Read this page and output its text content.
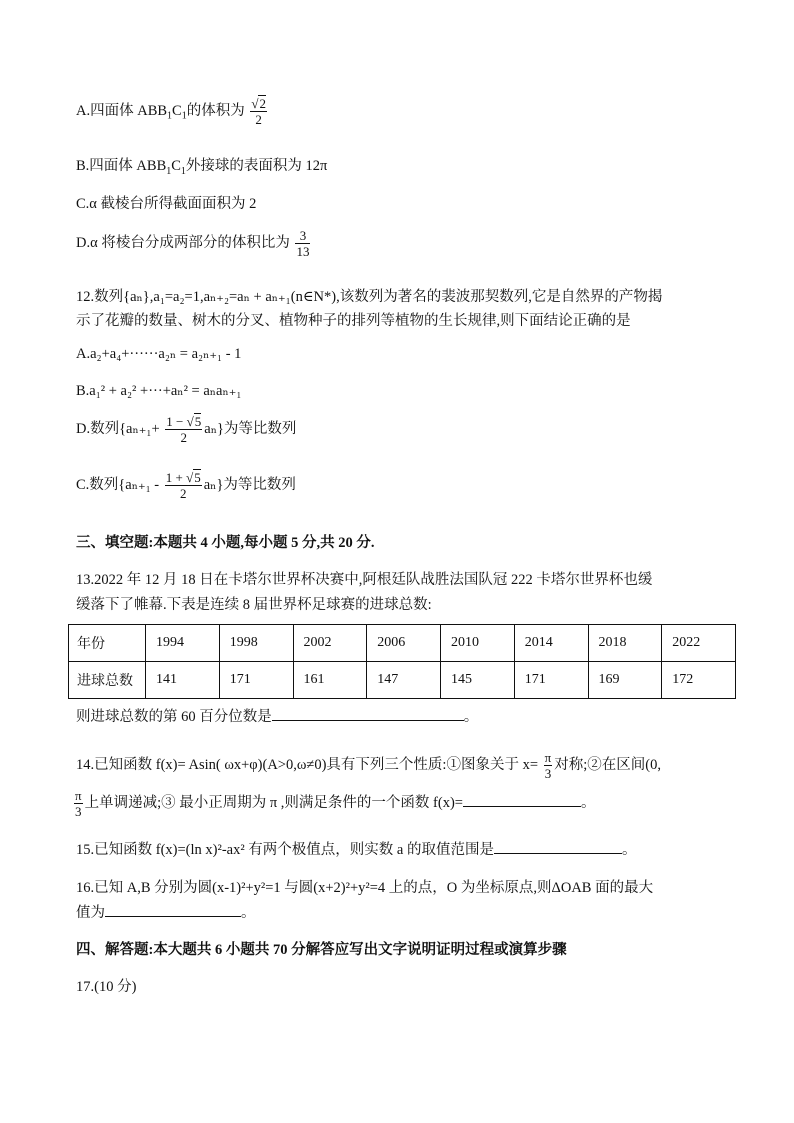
A.四面体 $ABB_1C_1$的体积为 $\frac{√2}{2}$
B.四面体 $ABB_1C_1$外接球的表面积为 12π
C.α 截棱台所得截面面积为 2
D.α 将棱台分成两部分的体积比为 $\frac{3}{13}$
12.数列{aₙ},a₁=a₂=1,aₙ₊₂=aₙ + aₙ₊₁(n∈N*),该数列为著名的裴波那契数列,它是自然界的产物揭
示了花瓣的数量、树木的分叉、植物种子的排列等植物的生长规律,则下面结论正确的是
A.a₂+a₄+······a₂ₙ = a₂ₙ₊₁ - 1
B.a₁² + a₂² +···+aₙ² = aₙaₙ₊₁
D.数列$\{a_{n+1}+ \frac{1 - √5}{2} a_n\}$为等比数列
C.数列$\{a_{n+1} - \frac{1 + √5}{2} a_n\}$为等比数列
三、填空题:本题共 4 小题,每小题 5 分,共 20 分.
13.2022 年 12 月 18 日在卡塔尔世界杯决赛中,阿根廷队战胜法国队冠 222 卡塔尔世界杯也缓
缓落下了帷幕.下表是连续 8 届世界杯足球赛的进球总数:
年份	1994	1998	2002	2006	2010	2014	2018	2022
进球总数	141	171	161	147	145	171	169	172
则进球总数的第 60 百分位数是	。
14.已知函数 f(x)= Asin( ωx+φ)(A>0,ω≠0)具有下列三个性质:①图象关于 $x= \frac{\pi}{3}$ 对称;②在区间(0,
$\frac{\pi}{3}$ 上单调递减;③ 最小正周期为 π ,则满足条件的一个函数 f(x)=	。
15.已知函数 f(x)=(ln x)²-ax² 有两个极值点，则实数 a 的取值范围是	。
16.已知 A,B 分别为圆(x-1)²+y²=1 与圆(x+2)²+y²=4 上的点，O 为坐标原点,则ΔOAB 面的最大
值为	。
四、解答题:本大题共 6 小题共 70 分解答应写出文字说明证明过程或演算步骤
17.(10 分)
